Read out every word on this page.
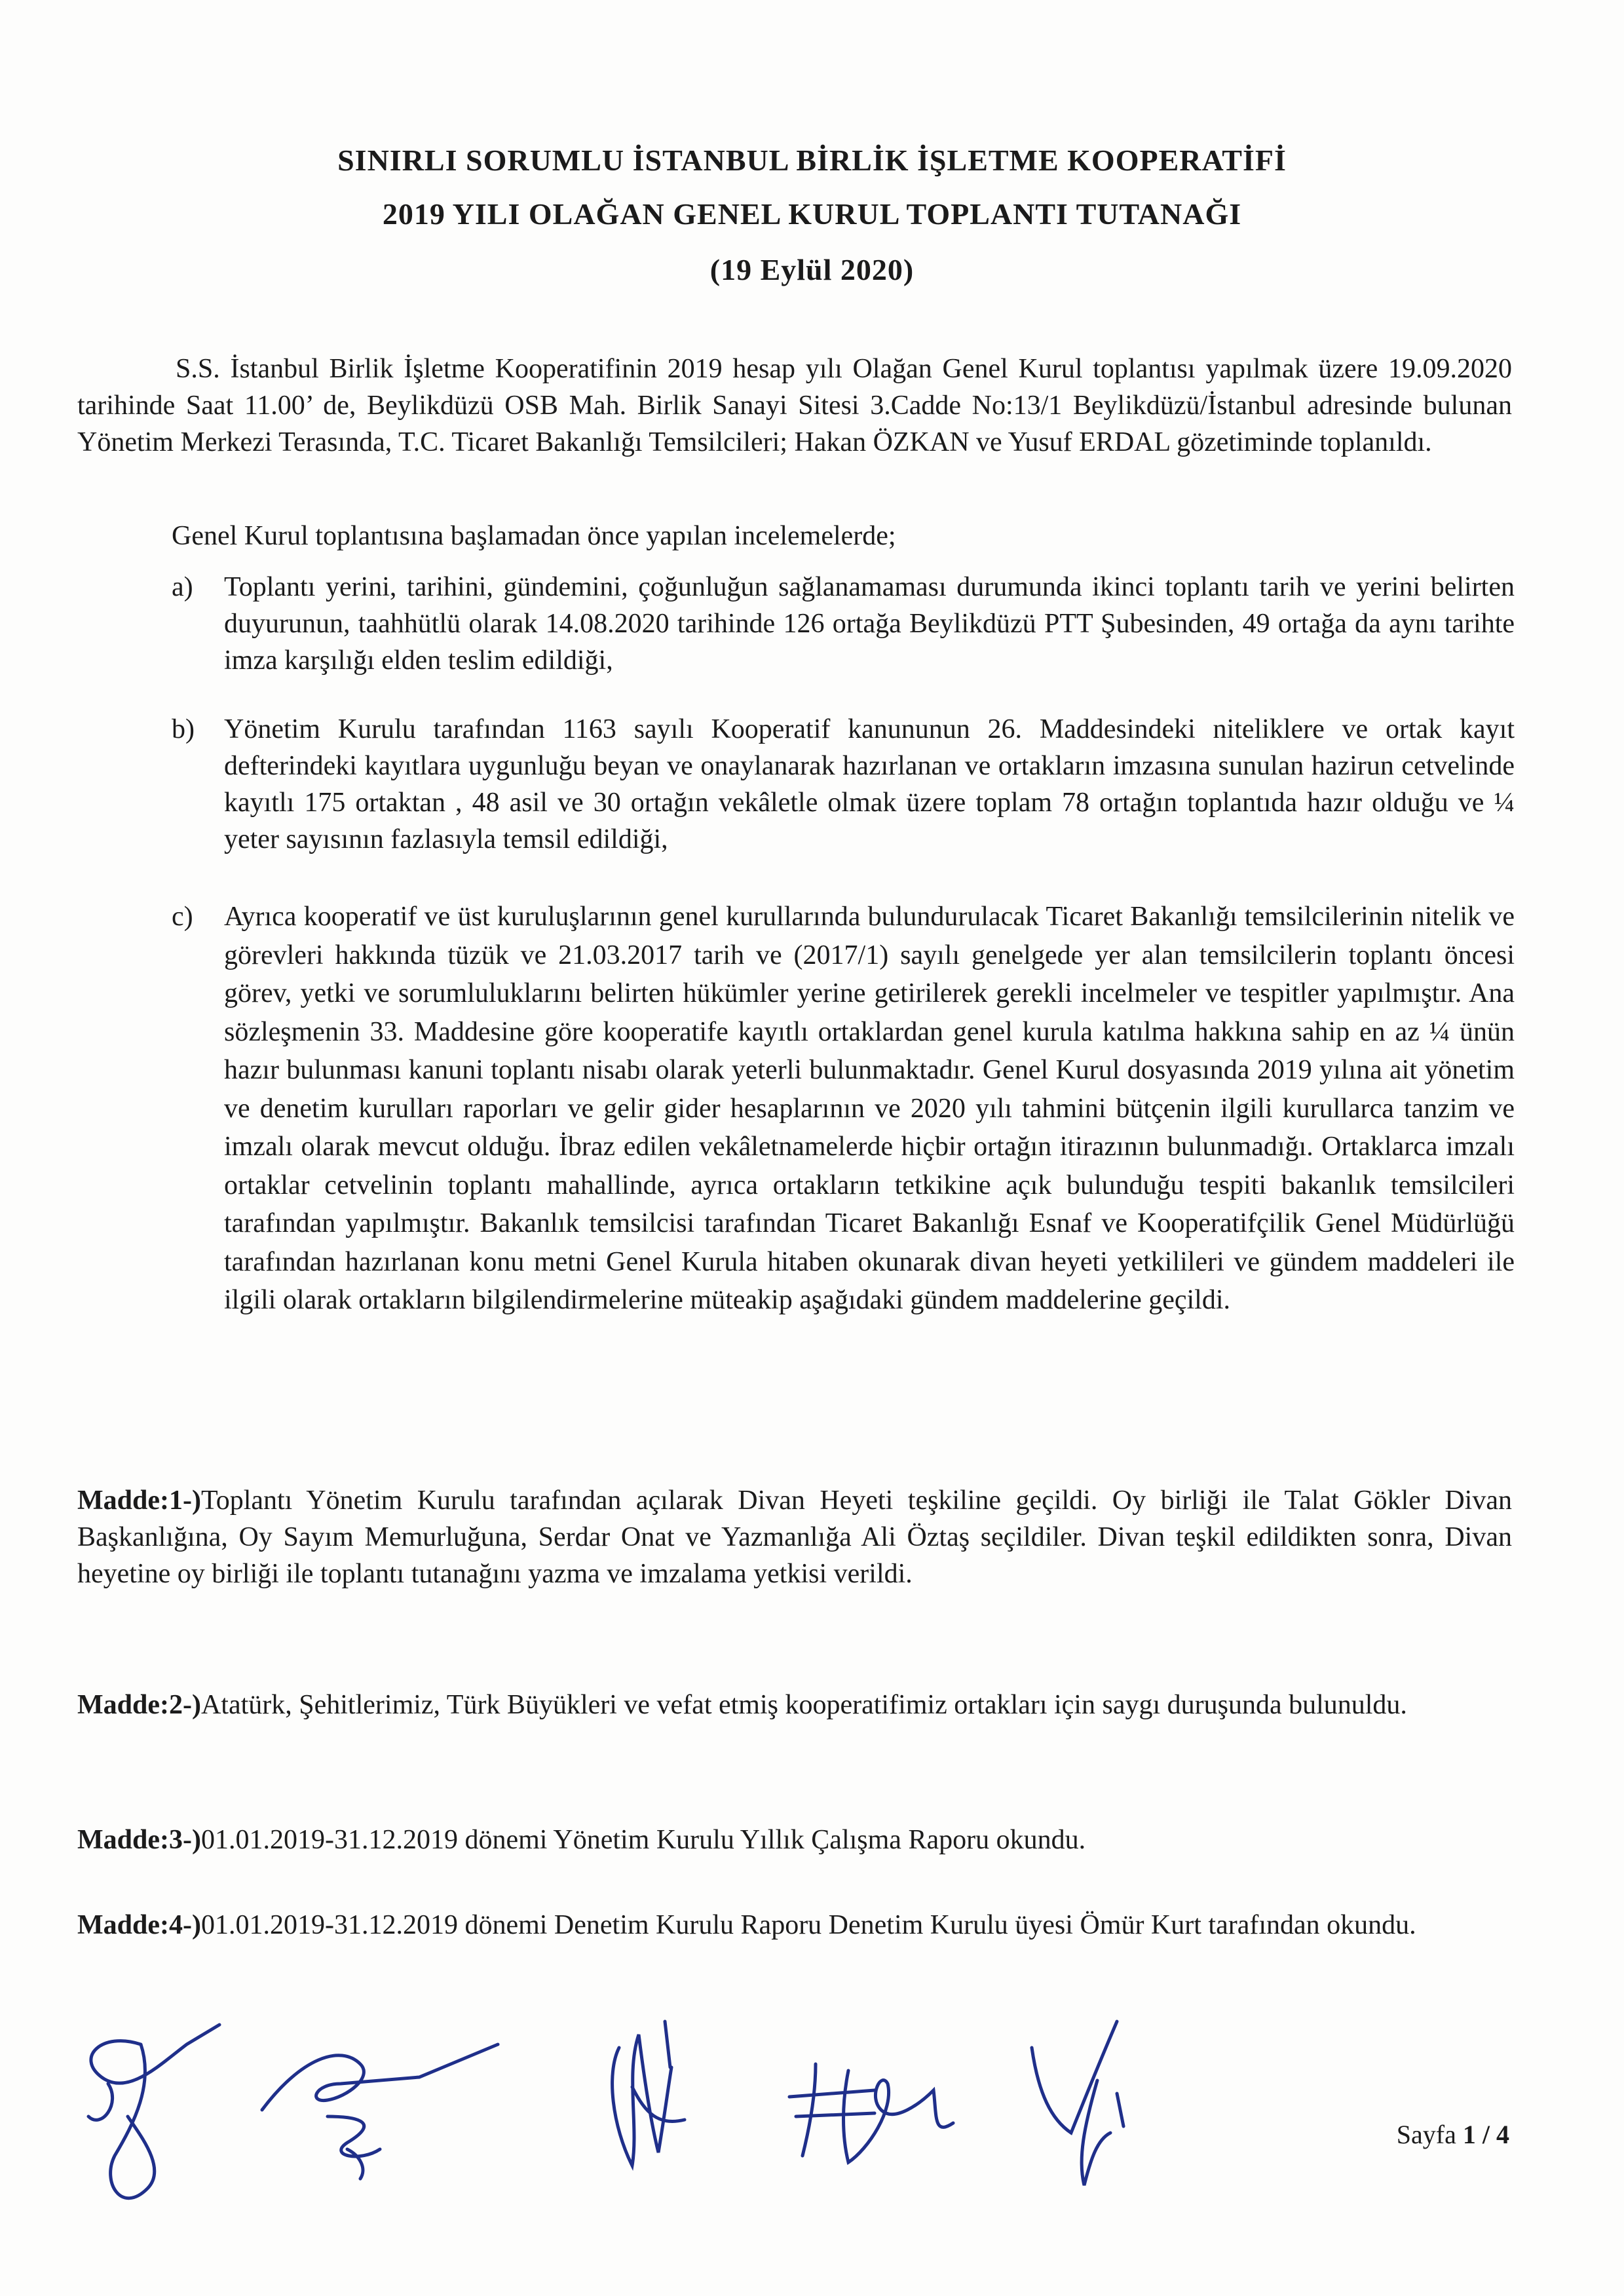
SINIRLI SORUMLU İSTANBUL BİRLİK İŞLETME KOOPERATİFİ
2019 YILI OLAĞAN GENEL KURUL TOPLANTI TUTANAĞI
(19 Eylül 2020)
S.S. İstanbul Birlik İşletme Kooperatifinin 2019 hesap yılı Olağan Genel Kurul toplantısı yapılmak üzere 19.09.2020 tarihinde Saat 11.00’ de, Beylikdüzü OSB Mah. Birlik Sanayi Sitesi 3.Cadde No:13/1 Beylikdüzü/İstanbul adresinde bulunan Yönetim Merkezi Terasında, T.C. Ticaret Bakanlığı Temsilcileri; Hakan ÖZKAN ve Yusuf ERDAL gözetiminde toplanıldı.
Genel Kurul toplantısına başlamadan önce yapılan incelemelerde;
a)	Toplantı yerini, tarihini, gündemini, çoğunluğun sağlanamaması durumunda ikinci toplantı tarih ve yerini belirten duyurunun, taahhütlü olarak 14.08.2020 tarihinde 126 ortağa Beylikdüzü PTT Şubesinden, 49 ortağa da aynı tarihte imza karşılığı elden teslim edildiği,
b)	Yönetim Kurulu tarafından 1163 sayılı Kooperatif kanununun 26. Maddesindeki niteliklere ve ortak kayıt defterindeki kayıtlara uygunluğu beyan ve onaylanarak hazırlanan ve ortakların imzasına sunulan hazirun cetvelinde kayıtlı 175 ortaktan , 48 asil ve 30 ortağın vekâletle olmak üzere toplam 78 ortağın toplantıda hazır olduğu ve ¼ yeter sayısının fazlasıyla temsil edildiği,
c)	Ayrıca kooperatif ve üst kuruluşlarının genel kurullarında bulundurulacak Ticaret Bakanlığı temsilcilerinin nitelik ve görevleri hakkında tüzük ve 21.03.2017 tarih ve (2017/1) sayılı genelgede yer alan temsilcilerin toplantı öncesi görev, yetki ve sorumluluklarını belirten hükümler yerine getirilerek gerekli incelmeler ve tespitler yapılmıştır. Ana sözleşmenin 33. Maddesine göre kooperatife kayıtlı ortaklardan genel kurula katılma hakkına sahip en az ¼ ünün hazır bulunması kanuni toplantı nisabı olarak yeterli bulunmaktadır. Genel Kurul dosyasında 2019 yılına ait yönetim ve denetim kurulları raporları ve gelir gider hesaplarının ve 2020 yılı tahmini bütçenin ilgili kurullarca tanzim ve imzalı olarak mevcut olduğu. İbraz edilen vekâletnamelerde hiçbir ortağın itirazının bulunmadığı. Ortaklarca imzalı ortaklar cetvelinin toplantı mahallinde, ayrıca ortakların tetkikine açık bulunduğu tespiti bakanlık temsilcileri tarafından yapılmıştır. Bakanlık temsilcisi tarafından Ticaret Bakanlığı Esnaf ve Kooperatifçilik Genel Müdürlüğü tarafından hazırlanan konu metni Genel Kurula hitaben okunarak divan heyeti yetkilileri ve gündem maddeleri ile ilgili olarak ortakların bilgilendirmelerine müteakip aşağıdaki gündem maddelerine geçildi.
Madde:1-)Toplantı Yönetim Kurulu tarafından açılarak Divan Heyeti teşkiline geçildi. Oy birliği ile Talat Gökler Divan Başkanlığına, Oy Sayım Memurluğuna, Serdar Onat ve Yazmanlığa Ali Öztaş seçildiler. Divan teşkil edildikten sonra, Divan heyetine oy birliği ile toplantı tutanağını yazma ve imzalama yetkisi verildi.
Madde:2-)Atatürk, Şehitlerimiz, Türk Büyükleri ve vefat etmiş kooperatifimiz ortakları için saygı duruşunda bulunuldu.
Madde:3-)01.01.2019-31.12.2019 dönemi Yönetim Kurulu Yıllık Çalışma Raporu okundu.
Madde:4-)01.01.2019-31.12.2019 dönemi Denetim Kurulu Raporu Denetim Kurulu üyesi Ömür Kurt tarafından okundu.
Sayfa 1 / 4
